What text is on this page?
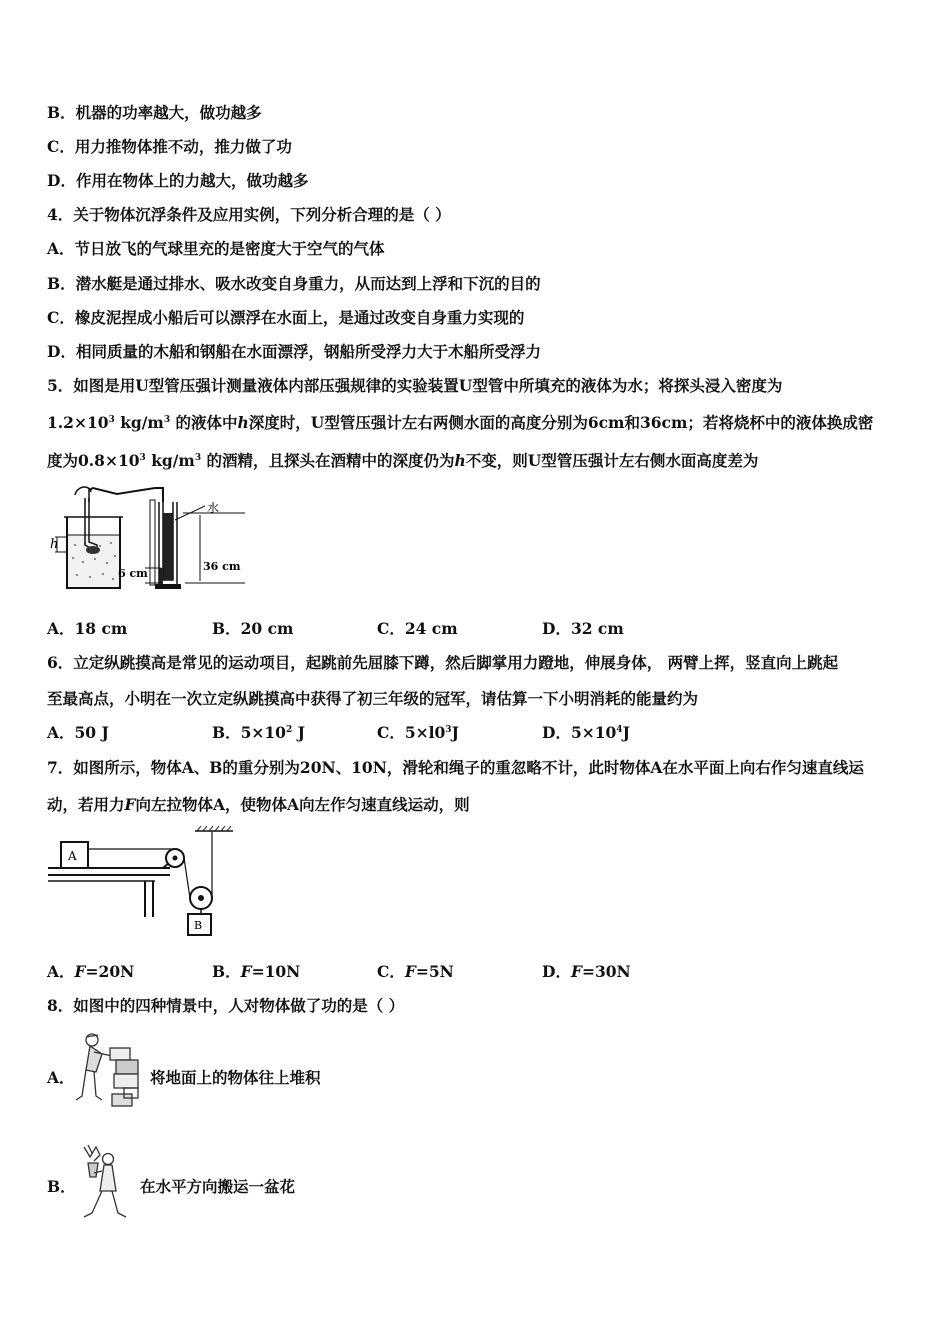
B．机器的功率越大，做功越多
C．用力推物体推不动，推力做了功
D．作用在物体上的力越大，做功越多
4．关于物体沉浮条件及应用实例，下列分析合理的是（ ）
A．节日放飞的气球里充的是密度大于空气的气体
B．潜水艇是通过排水、吸水改变自身重力，从而达到上浮和下沉的目的
C．橡皮泥捏成小船后可以漂浮在水面上，是通过改变自身重力实现的
D．相同质量的木船和钢船在水面漂浮，钢船所受浮力大于木船所受浮力
5．如图是用U型管压强计测量液体内部压强规律的实验装置U型管中所填充的液体为水；将探头浸入密度为
$1.2\times 10^3$ $kg/m^3$ 的液体中h深度时，U型管压强计左右两侧水面的高度分别为6cm和36cm；若将烧杯中的液体换成密
度为$0.8\times 10^3$ $kg/m^3$ 的酒精，且探头在酒精中的深度仍为h不变，则U型管压强计左右侧水面高度差为
h
水
6 cm
36 cm
A．18 cm	B．20 cm	C．24 cm	D．32 cm
6．立定纵跳摸高是常见的运动项目，起跳前先屈膝下蹲，然后脚掌用力蹬地，伸展身体， 两臂上挥，竖直向上跳起
至最高点，小明在一次立定纵跳摸高中获得了初三年级的冠军，请估算一下小明消耗的能量约为
A．50 J	B．$5\times 10^2$ J	C．$5\times l0^3J$	D．$5\times 10^4J$
7．如图所示，物体A、B的重分别为20N、10N，滑轮和绳子的重忽略不计，此时物体A在水平面上向右作匀速直线运
动，若用力F向左拉物体A，使物体A向左作匀速直线运动，则
A
B
A．F=20N	B．F=10N	C．F=5N	D．F=30N
8．如图中的四种情景中，人对物体做了功的是（ ）
A．	将地面上的物体往上堆积
B．	在水平方向搬运一盆花
